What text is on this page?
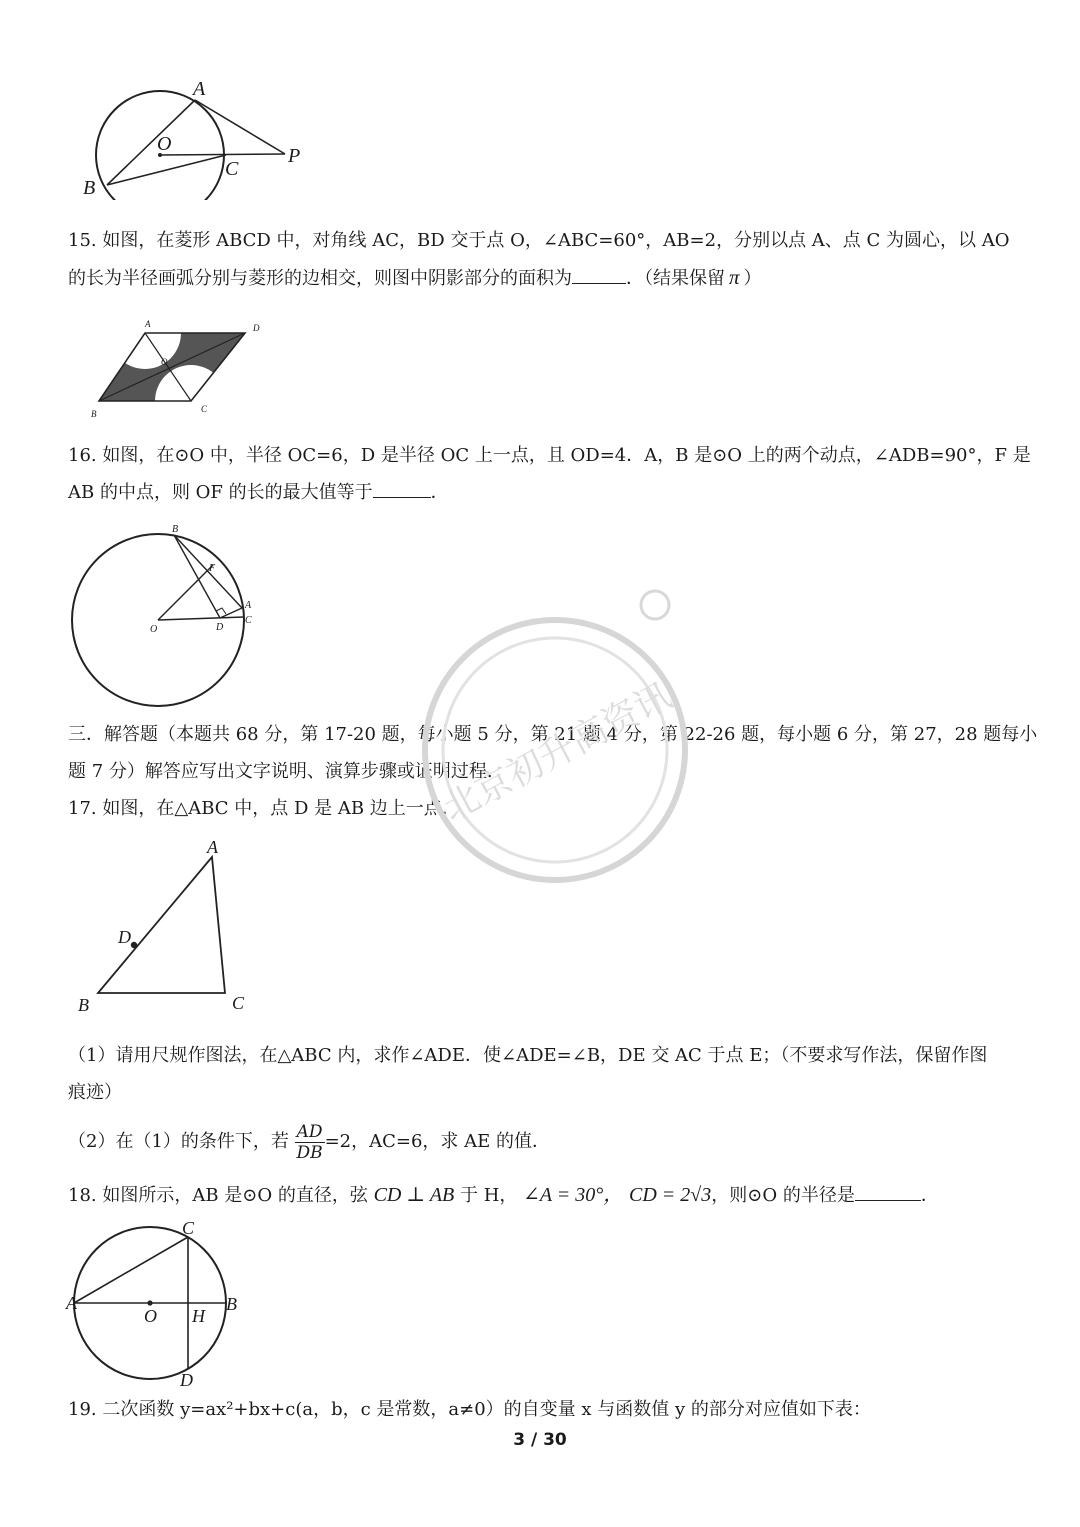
A
O
C
P
B
15. 如图，在菱形 ABCD 中，对角线 AC，BD 交于点 O，∠ABC=60°，AB=2，分别以点 A、点 C 为圆心，以 AO
的长为半径画弧分别与菱形的边相交，则图中阴影部分的面积为	．（结果保留 π ）
A	D
O
B	C
16. 如图，在⊙O 中，半径 OC=6，D 是半径 OC 上一点，且 OD=4．A，B 是⊙O 上的两个动点，∠ADB=90°，F 是
AB 的中点，则 OF 的长的最大值等于	．
B
F
A
O	D
C
三．解答题（本题共 68 分，第 17-20 题，每小题 5 分，第 21 题 4 分，第 22-26 题，每小题 6 分，第 27，28 题每小
题 7 分）解答应写出文字说明、演算步骤或证明过程.
17. 如图，在△ABC 中，点 D 是 AB 边上一点．
A
D
B	C
（1）请用尺规作图法，在△ABC 内，求作∠ADE．使∠ADE=∠B，DE 交 AC 于点 E；（不要求写作法，保留作图
痕迹）
（2）在（1）的条件下，若 $\frac{AD}{DB} =2$，AC=6，求 AE 的值．
18. 如图所示，AB 是⊙O 的直径，弦 CD ⊥ AB 于 H， ∠A = 30°， CD = 2√3，则⊙O 的半径是	．
C
A
O H
B
D
19. 二次函数 y=ax²+bx+c(a，b，c 是常数，a≠0）的自变量 x 与函数值 y 的部分对应值如下表：
3 / 30
北京初升高资讯
